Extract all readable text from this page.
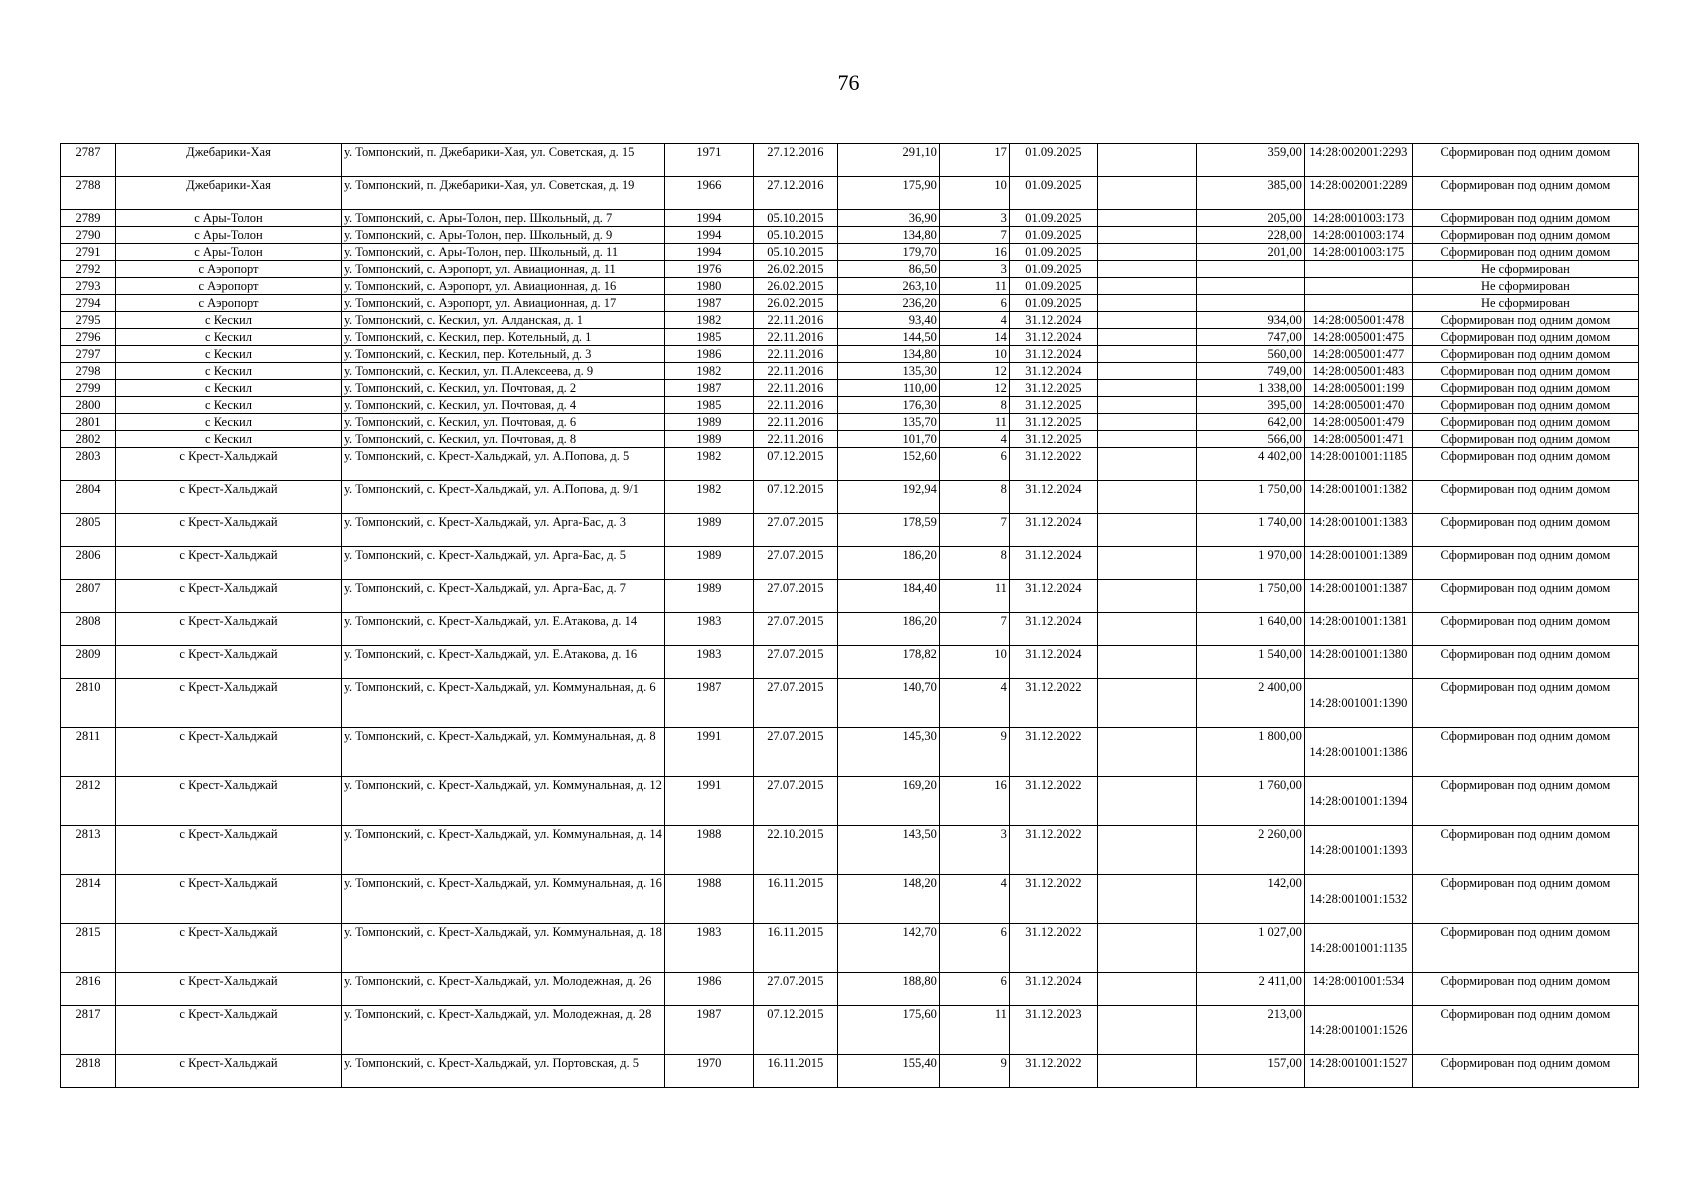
76
2787	Джебарики-Хая	у. Томпонский, п. Джебарики-Хая, ул. Советская, д. 15	1971	27.12.2016	291,10	17	01.09.2025		359,00	14:28:002001:2293	Сформирован под одним домом
2788	Джебарики-Хая	у. Томпонский, п. Джебарики-Хая, ул. Советская, д. 19	1966	27.12.2016	175,90	10	01.09.2025		385,00	14:28:002001:2289	Сформирован под одним домом
2789	с Ары-Толон	у. Томпонский, с. Ары-Толон, пер. Школьный, д. 7	1994	05.10.2015	36,90	3	01.09.2025		205,00	14:28:001003:173	Сформирован под одним домом
2790	с Ары-Толон	у. Томпонский, с. Ары-Толон, пер. Школьный, д. 9	1994	05.10.2015	134,80	7	01.09.2025		228,00	14:28:001003:174	Сформирован под одним домом
2791	с Ары-Толон	у. Томпонский, с. Ары-Толон, пер. Школьный, д. 11	1994	05.10.2015	179,70	16	01.09.2025		201,00	14:28:001003:175	Сформирован под одним домом
2792	с Аэропорт	у. Томпонский, с. Аэропорт, ул. Авиационная, д. 11	1976	26.02.2015	86,50	3	01.09.2025				Не сформирован
2793	с Аэропорт	у. Томпонский, с. Аэропорт, ул. Авиационная, д. 16	1980	26.02.2015	263,10	11	01.09.2025				Не сформирован
2794	с Аэропорт	у. Томпонский, с. Аэропорт, ул. Авиационная, д. 17	1987	26.02.2015	236,20	6	01.09.2025				Не сформирован
2795	с Кескил	у. Томпонский, с. Кескил, ул. Алданская, д. 1	1982	22.11.2016	93,40	4	31.12.2024		934,00	14:28:005001:478	Сформирован под одним домом
2796	с Кескил	у. Томпонский, с. Кескил, пер. Котельный, д. 1	1985	22.11.2016	144,50	14	31.12.2024		747,00	14:28:005001:475	Сформирован под одним домом
2797	с Кескил	у. Томпонский, с. Кескил, пер. Котельный, д. 3	1986	22.11.2016	134,80	10	31.12.2024		560,00	14:28:005001:477	Сформирован под одним домом
2798	с Кескил	у. Томпонский, с. Кескил, ул. П.Алексеева, д. 9	1982	22.11.2016	135,30	12	31.12.2024		749,00	14:28:005001:483	Сформирован под одним домом
2799	с Кескил	у. Томпонский, с. Кескил, ул. Почтовая, д. 2	1987	22.11.2016	110,00	12	31.12.2025		1 338,00	14:28:005001:199	Сформирован под одним домом
2800	с Кескил	у. Томпонский, с. Кескил, ул. Почтовая, д. 4	1985	22.11.2016	176,30	8	31.12.2025		395,00	14:28:005001:470	Сформирован под одним домом
2801	с Кескил	у. Томпонский, с. Кескил, ул. Почтовая, д. 6	1989	22.11.2016	135,70	11	31.12.2025		642,00	14:28:005001:479	Сформирован под одним домом
2802	с Кескил	у. Томпонский, с. Кескил, ул. Почтовая, д. 8	1989	22.11.2016	101,70	4	31.12.2025		566,00	14:28:005001:471	Сформирован под одним домом
2803	с Крест-Хальджай	у. Томпонский, с. Крест-Хальджай, ул. А.Попова, д. 5	1982	07.12.2015	152,60	6	31.12.2022		4 402,00	14:28:001001:1185	Сформирован под одним домом
2804	с Крест-Хальджай	у. Томпонский, с. Крест-Хальджай, ул. А.Попова, д. 9/1	1982	07.12.2015	192,94	8	31.12.2024		1 750,00	14:28:001001:1382	Сформирован под одним домом
2805	с Крест-Хальджай	у. Томпонский, с. Крест-Хальджай, ул. Арга-Бас, д. 3	1989	27.07.2015	178,59	7	31.12.2024		1 740,00	14:28:001001:1383	Сформирован под одним домом
2806	с Крест-Хальджай	у. Томпонский, с. Крест-Хальджай, ул. Арга-Бас, д. 5	1989	27.07.2015	186,20	8	31.12.2024		1 970,00	14:28:001001:1389	Сформирован под одним домом
2807	с Крест-Хальджай	у. Томпонский, с. Крест-Хальджай, ул. Арга-Бас, д. 7	1989	27.07.2015	184,40	11	31.12.2024		1 750,00	14:28:001001:1387	Сформирован под одним домом
2808	с Крест-Хальджай	у. Томпонский, с. Крест-Хальджай, ул. Е.Атакова, д. 14	1983	27.07.2015	186,20	7	31.12.2024		1 640,00	14:28:001001:1381	Сформирован под одним домом
2809	с Крест-Хальджай	у. Томпонский, с. Крест-Хальджай, ул. Е.Атакова, д. 16	1983	27.07.2015	178,82	10	31.12.2024		1 540,00	14:28:001001:1380	Сформирован под одним домом
2810	с Крест-Хальджай	у. Томпонский, с. Крест-Хальджай, ул. Коммунальная, д. 6	1987	27.07.2015	140,70	4	31.12.2022		2 400,00	14:28:001001:1390	Сформирован под одним домом
2811	с Крест-Хальджай	у. Томпонский, с. Крест-Хальджай, ул. Коммунальная, д. 8	1991	27.07.2015	145,30	9	31.12.2022		1 800,00	14:28:001001:1386	Сформирован под одним домом
2812	с Крест-Хальджай	у. Томпонский, с. Крест-Хальджай, ул. Коммунальная, д. 12	1991	27.07.2015	169,20	16	31.12.2022		1 760,00	14:28:001001:1394	Сформирован под одним домом
2813	с Крест-Хальджай	у. Томпонский, с. Крест-Хальджай, ул. Коммунальная, д. 14	1988	22.10.2015	143,50	3	31.12.2022		2 260,00	14:28:001001:1393	Сформирован под одним домом
2814	с Крест-Хальджай	у. Томпонский, с. Крест-Хальджай, ул. Коммунальная, д. 16	1988	16.11.2015	148,20	4	31.12.2022		142,00	14:28:001001:1532	Сформирован под одним домом
2815	с Крест-Хальджай	у. Томпонский, с. Крест-Хальджай, ул. Коммунальная, д. 18	1983	16.11.2015	142,70	6	31.12.2022		1 027,00	14:28:001001:1135	Сформирован под одним домом
2816	с Крест-Хальджай	у. Томпонский, с. Крест-Хальджай, ул. Молодежная, д. 26	1986	27.07.2015	188,80	6	31.12.2024		2 411,00	14:28:001001:534	Сформирован под одним домом
2817	с Крест-Хальджай	у. Томпонский, с. Крест-Хальджай, ул. Молодежная, д. 28	1987	07.12.2015	175,60	11	31.12.2023		213,00	14:28:001001:1526	Сформирован под одним домом
2818	с Крест-Хальджай	у. Томпонский, с. Крест-Хальджай, ул. Портовская, д. 5	1970	16.11.2015	155,40	9	31.12.2022		157,00	14:28:001001:1527	Сформирован под одним домом
